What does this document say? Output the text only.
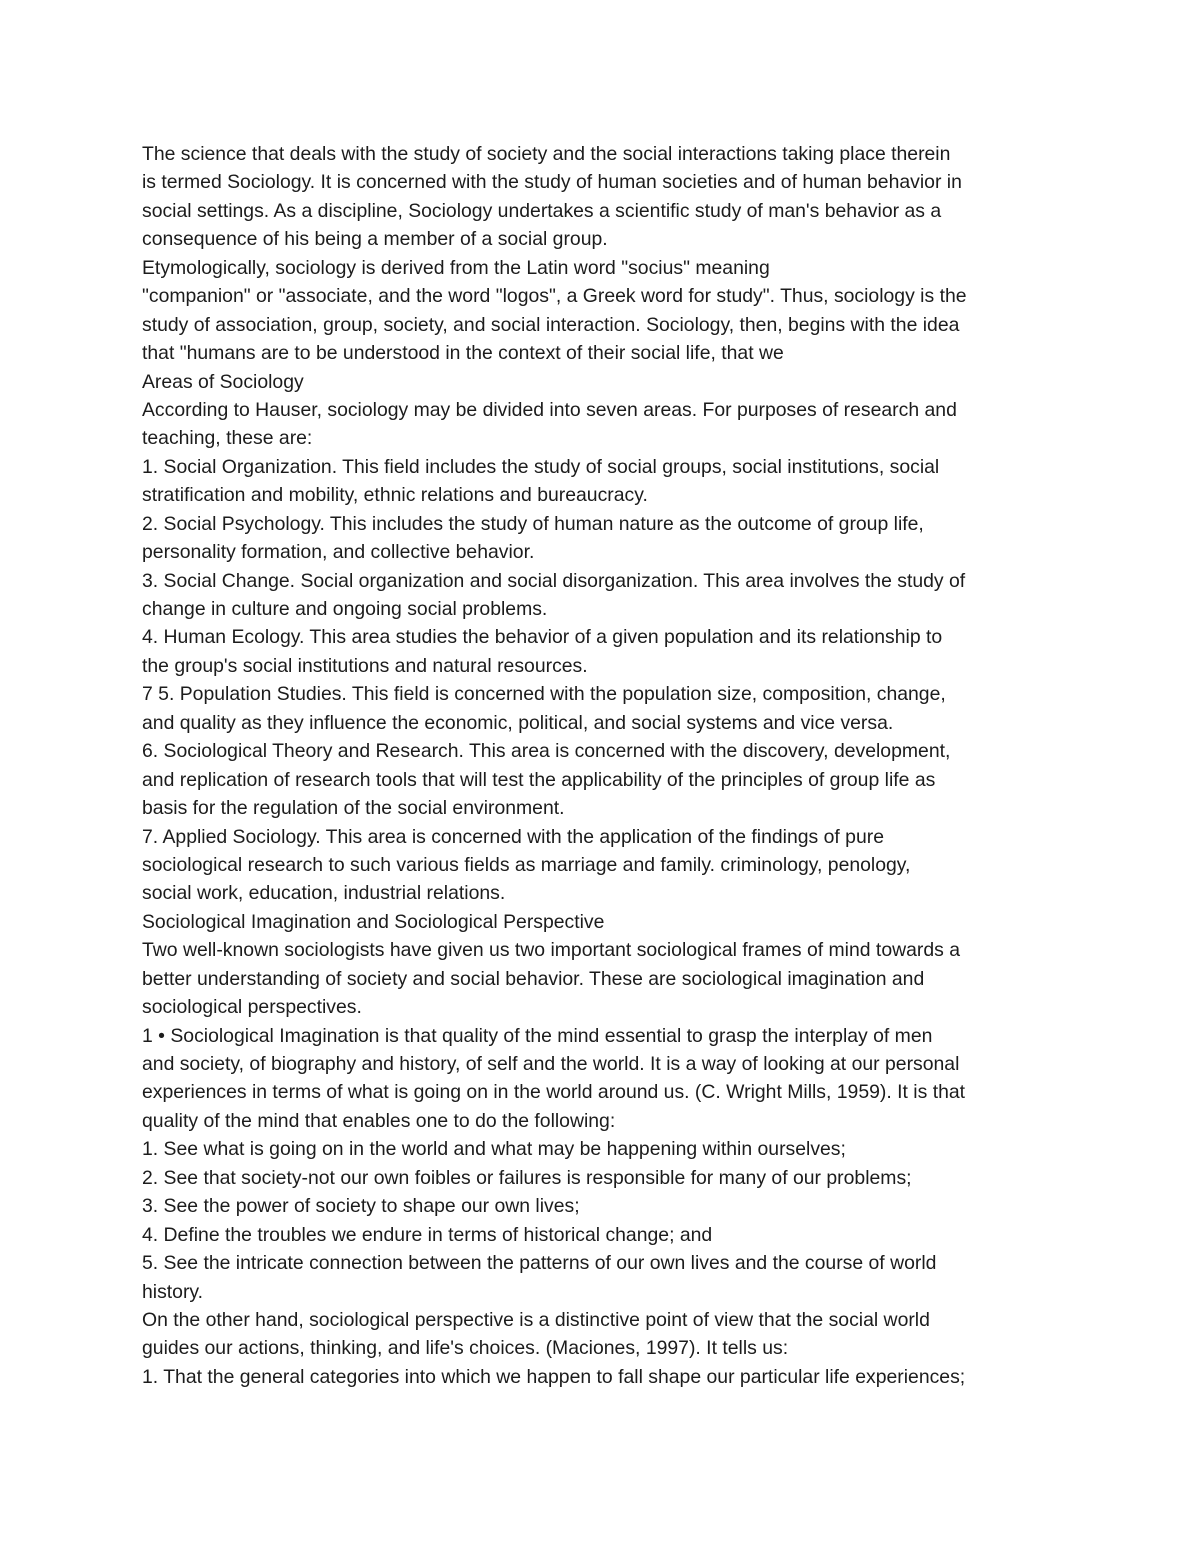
The science that deals with the study of society and the social interactions taking place therein
is termed Sociology. It is concerned with the study of human societies and of human behavior in
social settings. As a discipline, Sociology undertakes a scientific study of man's behavior as a
consequence of his being a member of a social group.
Etymologically, sociology is derived from the Latin word "socius" meaning
"companion" or "associate, and the word "logos", a Greek word for study". Thus, sociology is the
study of association, group, society, and social interaction. Sociology, then, begins with the idea
that "humans are to be understood in the context of their social life, that we
Areas of Sociology
According to Hauser, sociology may be divided into seven areas. For purposes of research and
teaching, these are:
1. Social Organization. This field includes the study of social groups, social institutions, social
stratification and mobility, ethnic relations and bureaucracy.
2. Social Psychology. This includes the study of human nature as the outcome of group life,
personality formation, and collective behavior.
3. Social Change. Social organization and social disorganization. This area involves the study of
change in culture and ongoing social problems.
4. Human Ecology. This area studies the behavior of a given population and its relationship to
the group's social institutions and natural resources.
7 5. Population Studies. This field is concerned with the population size, composition, change,
and quality as they influence the economic, political, and social systems and vice versa.
6. Sociological Theory and Research. This area is concerned with the discovery, development,
and replication of research tools that will test the applicability of the principles of group life as
basis for the regulation of the social environment.
7. Applied Sociology. This area is concerned with the application of the findings of pure
sociological research to such various fields as marriage and family. criminology, penology,
social work, education, industrial relations.
Sociological Imagination and Sociological Perspective
Two well-known sociologists have given us two important sociological frames of mind towards a
better understanding of society and social behavior. These are sociological imagination and
sociological perspectives.
1 • Sociological Imagination is that quality of the mind essential to grasp the interplay of men
and society, of biography and history, of self and the world. It is a way of looking at our personal
experiences in terms of what is going on in the world around us. (C. Wright Mills, 1959). It is that
quality of the mind that enables one to do the following:
1. See what is going on in the world and what may be happening within ourselves;
2. See that society-not our own foibles or failures is responsible for many of our problems;
3. See the power of society to shape our own lives;
4. Define the troubles we endure in terms of historical change; and
5. See the intricate connection between the patterns of our own lives and the course of world
history.
On the other hand, sociological perspective is a distinctive point of view that the social world
guides our actions, thinking, and life's choices. (Maciones, 1997). It tells us:
1. That the general categories into which we happen to fall shape our particular life experiences;
